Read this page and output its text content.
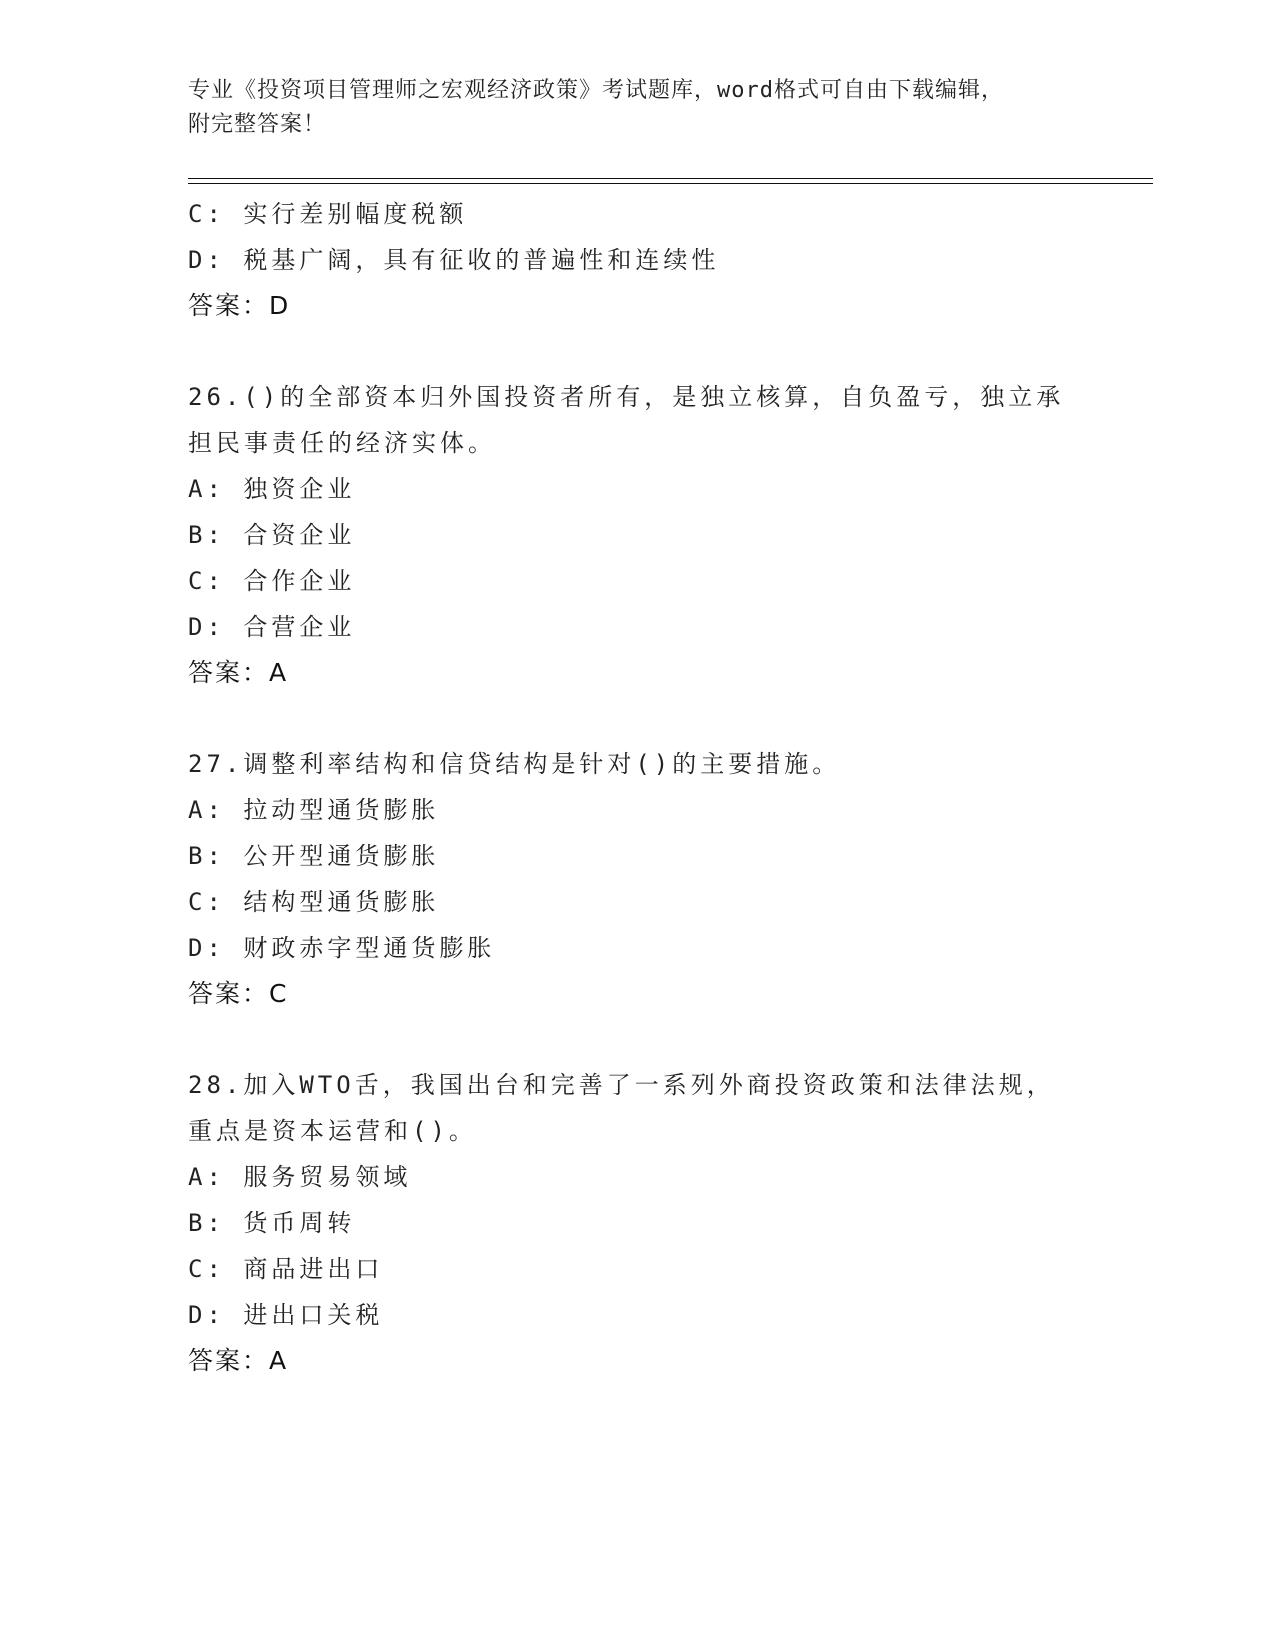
专业《投资项目管理师之宏观经济政策》考试题库，word格式可自由下载编辑，
附完整答案！
C: 实行差别幅度税额
D: 税基广阔，具有征收的普遍性和连续性
答案：D
26.()的全部资本归外国投资者所有，是独立核算，自负盈亏，独立承
担民事责任的经济实体。
A: 独资企业
B: 合资企业
C: 合作企业
D: 合营企业
答案：A
27.调整利率结构和信贷结构是针对()的主要措施。
A: 拉动型通货膨胀
B: 公开型通货膨胀
C: 结构型通货膨胀
D: 财政赤字型通货膨胀
答案：C
28.加入WTO舌，我国出台和完善了一系列外商投资政策和法律法规，
重点是资本运营和()。
A: 服务贸易领域
B: 货币周转
C: 商品进出口
D: 进出口关税
答案：A
